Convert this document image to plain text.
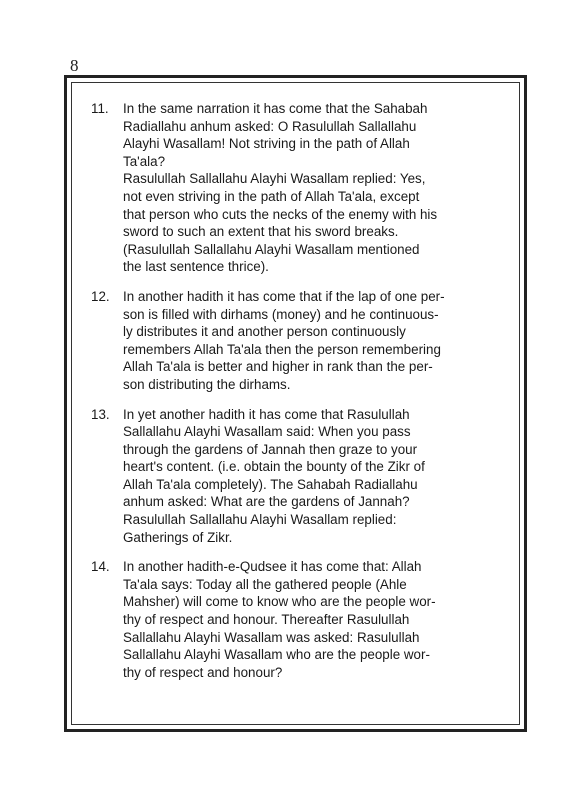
8
11.	In the same narration it has come that the Sahabah
Radiallahu anhum asked: O Rasulullah Sallallahu
Alayhi Wasallam! Not striving in the path of Allah
Ta'ala?
Rasulullah Sallallahu Alayhi Wasallam replied: Yes,
not even striving in the path of Allah Ta'ala, except
that person who cuts the necks of the enemy with his
sword to such an extent that his sword breaks.
(Rasulullah Sallallahu Alayhi Wasallam mentioned
the last sentence thrice).
12. In another hadith it has come that if the lap of one per-
son is filled with dirhams (money) and he continuous-
ly distributes it and another person continuously
remembers Allah Ta'ala then the person remembering
Allah Ta'ala is better and higher in rank than the per-
son distributing the dirhams.
13. In yet another hadith it has come that Rasulullah
Sallallahu Alayhi Wasallam said: When you pass
through the gardens of Jannah then graze to your
heart's content. (i.e. obtain the bounty of the Zikr of
Allah Ta'ala completely). The Sahabah Radiallahu
anhum asked: What are the gardens of Jannah?
Rasulullah Sallallahu Alayhi Wasallam replied:
Gatherings of Zikr.
14. In another hadith-e-Qudsee it has come that: Allah
Ta'ala says: Today all the gathered people (Ahle
Mahsher) will come to know who are the people wor-
thy of respect and honour. Thereafter Rasulullah
Sallallahu Alayhi Wasallam was asked: Rasulullah
Sallallahu Alayhi Wasallam who are the people wor-
thy of respect and honour?
